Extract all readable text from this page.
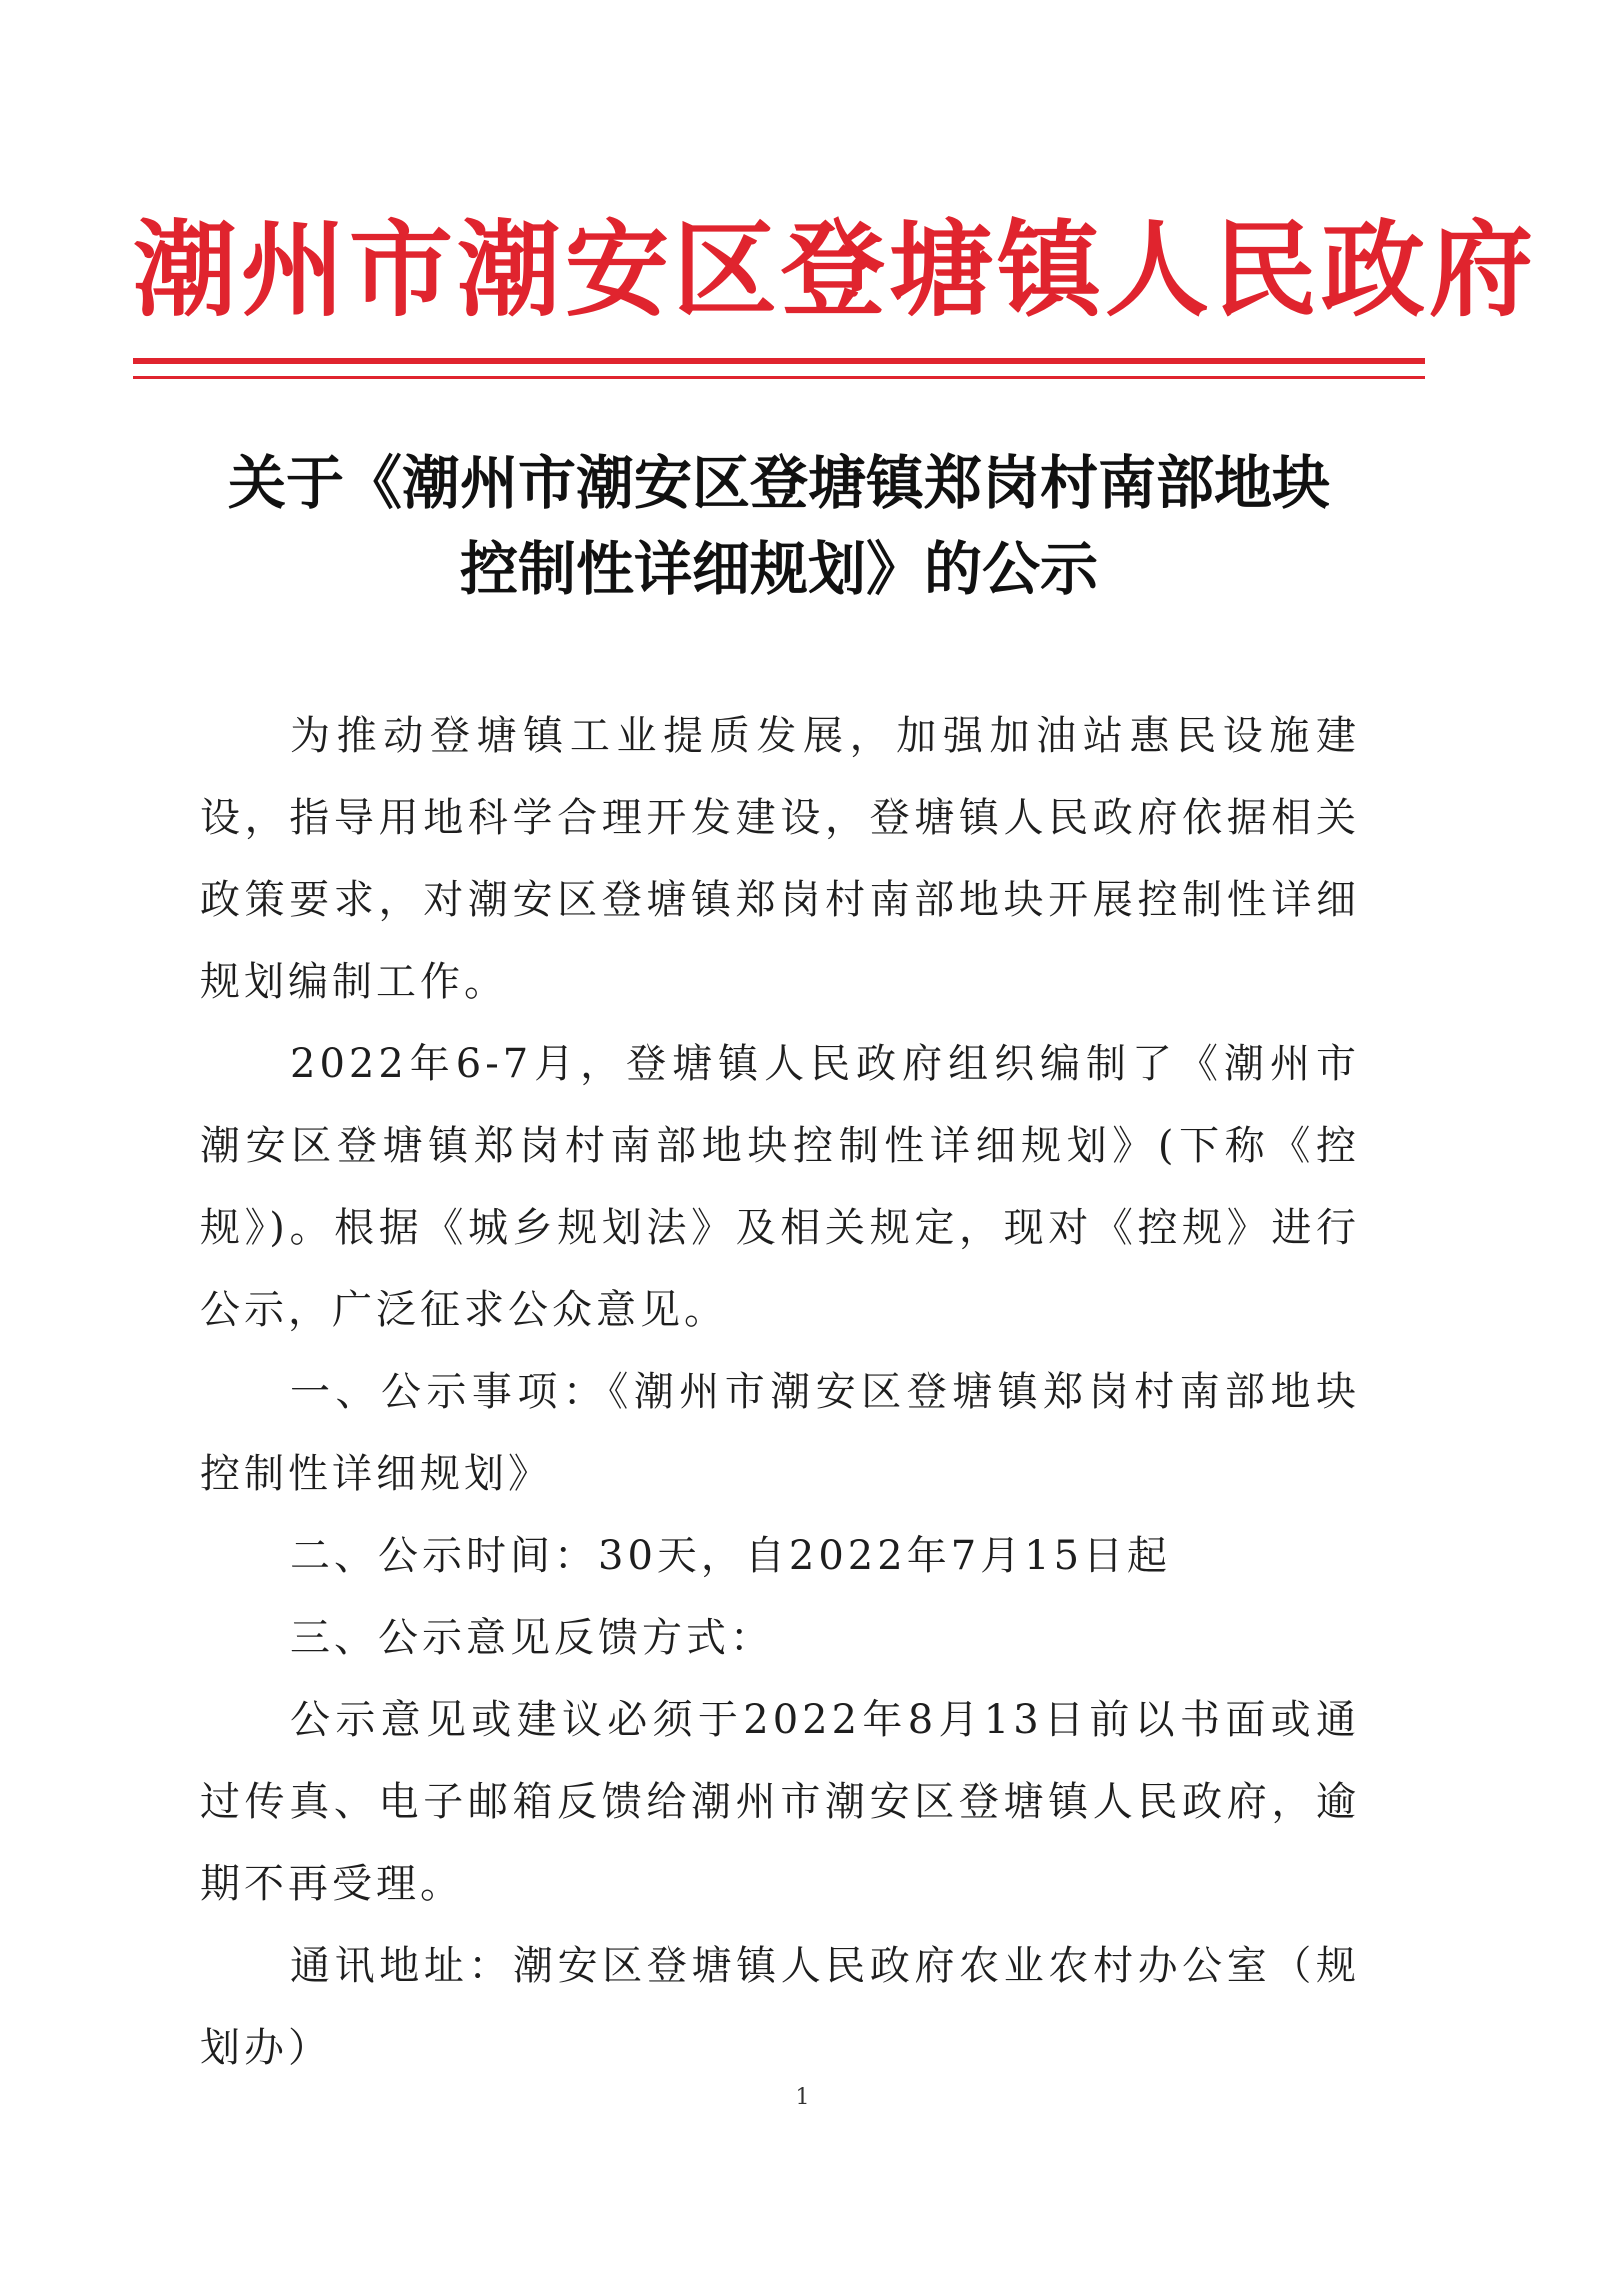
潮州市潮安区登塘镇人民政府
关于《潮州市潮安区登塘镇郑岗村南部地块
控制性详细规划》的公示

为推动登塘镇工业提质发展，加强加油站惠民设施建设，指导用地科学合理开发建设，登塘镇人民政府依据相关政策要求，对潮安区登塘镇郑岗村南部地块开展控制性详细规划编制工作。

2022年6-7月，登塘镇人民政府组织编制了《潮州市潮安区登塘镇郑岗村南部地块控制性详细规划》(下称《控规》)。根据《城乡规划法》及相关规定，现对《控规》进行公示，广泛征求公众意见。

一、公示事项：《潮州市潮安区登塘镇郑岗村南部地块控制性详细规划》

二、公示时间：30天，自2022年7月15日起

三、公示意见反馈方式：

公示意见或建议必须于2022年8月13日前以书面或通过传真、电子邮箱反馈给潮州市潮安区登塘镇人民政府，逾期不再受理。

通讯地址：潮安区登塘镇人民政府农业农村办公室（规划办）

1
